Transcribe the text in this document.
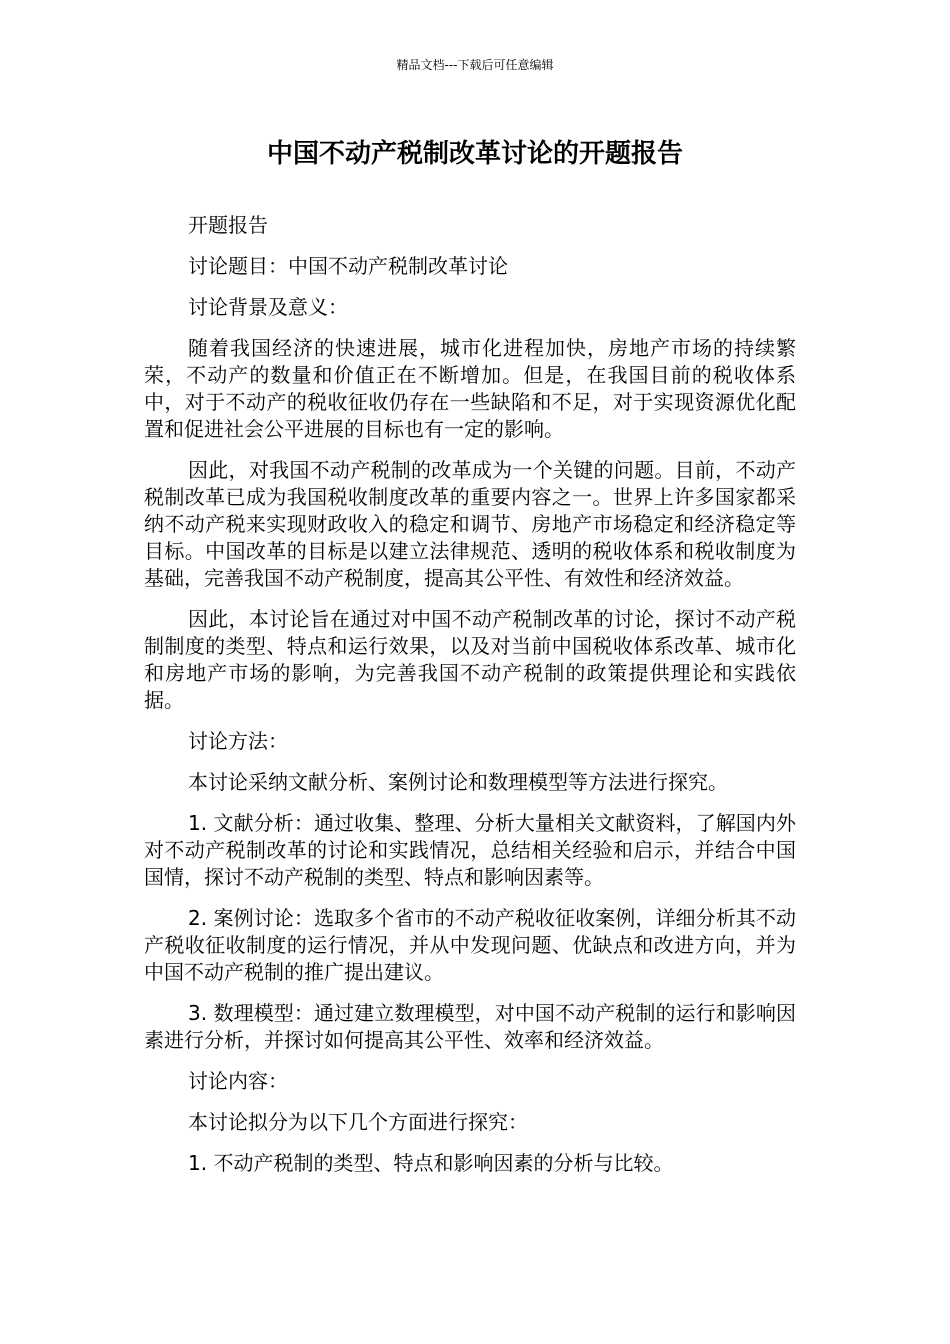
精品文档---下载后可任意编辑
中国不动产税制改革讨论的开题报告

开题报告

讨论题目：中国不动产税制改革讨论

讨论背景及意义：

随着我国经济的快速进展，城市化进程加快，房地产市场的持续繁荣，不动产的数量和价值正在不断增加。但是，在我国目前的税收体系中，对于不动产的税收征收仍存在一些缺陷和不足，对于实现资源优化配置和促进社会公平进展的目标也有一定的影响。

因此，对我国不动产税制的改革成为一个关键的问题。目前，不动产税制改革已成为我国税收制度改革的重要内容之一。世界上许多国家都采纳不动产税来实现财政收入的稳定和调节、房地产市场稳定和经济稳定等目标。中国改革的目标是以建立法律规范、透明的税收体系和税收制度为基础，完善我国不动产税制度，提高其公平性、有效性和经济效益。

因此，本讨论旨在通过对中国不动产税制改革的讨论，探讨不动产税制制度的类型、特点和运行效果，以及对当前中国税收体系改革、城市化和房地产市场的影响，为完善我国不动产税制的政策提供理论和实践依据。

讨论方法：

本讨论采纳文献分析、案例讨论和数理模型等方法进行探究。

1. 文献分析：通过收集、整理、分析大量相关文献资料，了解国内外对不动产税制改革的讨论和实践情况，总结相关经验和启示，并结合中国国情，探讨不动产税制的类型、特点和影响因素等。

2. 案例讨论：选取多个省市的不动产税收征收案例，详细分析其不动产税收征收制度的运行情况，并从中发现问题、优缺点和改进方向，并为中国不动产税制的推广提出建议。

3. 数理模型：通过建立数理模型，对中国不动产税制的运行和影响因素进行分析，并探讨如何提高其公平性、效率和经济效益。

讨论内容：

本讨论拟分为以下几个方面进行探究：

1. 不动产税制的类型、特点和影响因素的分析与比较。
